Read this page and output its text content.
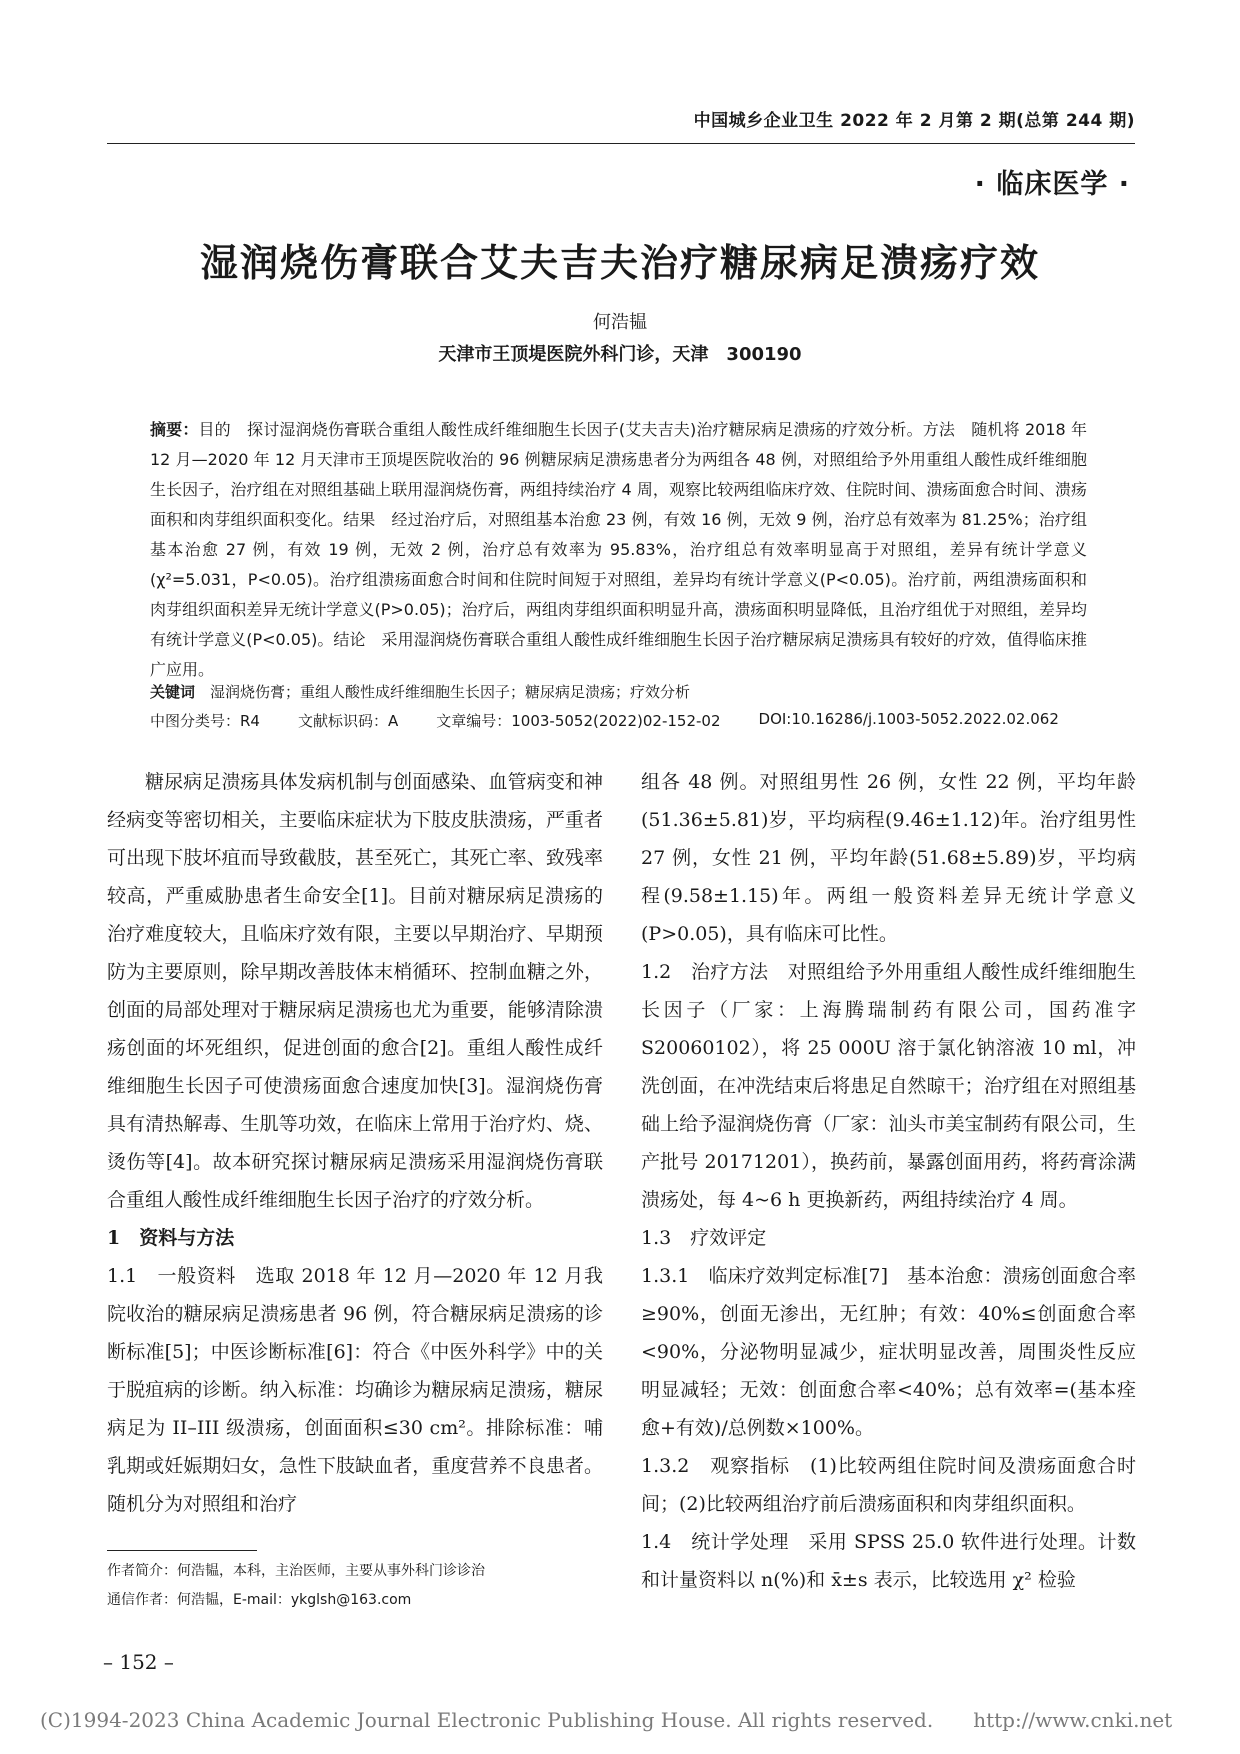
中国城乡企业卫生 2022 年 2 月第 2 期(总第 244 期)
· 临床医学 ·
湿润烧伤膏联合艾夫吉夫治疗糖尿病足溃疡疗效
何浩韫
天津市王顶堤医院外科门诊，天津　300190
摘要：目的　探讨湿润烧伤膏联合重组人酸性成纤维细胞生长因子(艾夫吉夫)治疗糖尿病足溃疡的疗效分析。方法　随机将 2018 年 12 月—2020 年 12 月天津市王顶堤医院收治的 96 例糖尿病足溃疡患者分为两组各 48 例，对照组给予外用重组人酸性成纤维细胞生长因子，治疗组在对照组基础上联用湿润烧伤膏，两组持续治疗 4 周，观察比较两组临床疗效、住院时间、溃疡面愈合时间、溃疡面积和肉芽组织面积变化。结果　经过治疗后，对照组基本治愈 23 例，有效 16 例，无效 9 例，治疗总有效率为 81.25%；治疗组基本治愈 27 例，有效 19 例，无效 2 例，治疗总有效率为 95.83%，治疗组总有效率明显高于对照组，差异有统计学意义(χ²=5.031，P<0.05)。治疗组溃疡面愈合时间和住院时间短于对照组，差异均有统计学意义(P<0.05)。治疗前，两组溃疡面积和肉芽组织面积差异无统计学意义(P>0.05)；治疗后，两组肉芽组织面积明显升高，溃疡面积明显降低，且治疗组优于对照组，差异均有统计学意义(P<0.05)。结论　采用湿润烧伤膏联合重组人酸性成纤维细胞生长因子治疗糖尿病足溃疡具有较好的疗效，值得临床推广应用。
关键词　 湿润烧伤膏；重组人酸性成纤维细胞生长因子；糖尿病足溃疡；疗效分析
中图分类号：R4	文献标识码：A	文章编号：1003-5052(2022)02-152-02	DOI:10.16286/j.1003-5052.2022.02.062

糖尿病足溃疡具体发病机制与创面感染、血管病变和神经病变等密切相关，主要临床症状为下肢皮肤溃疡，严重者可出现下肢坏疽而导致截肢，甚至死亡，其死亡率、致残率较高，严重威胁患者生命安全[1]。目前对糖尿病足溃疡的治疗难度较大，且临床疗效有限，主要以早期治疗、早期预防为主要原则，除早期改善肢体末梢循环、控制血糖之外，创面的局部处理对于糖尿病足溃疡也尤为重要，能够清除溃疡创面的坏死组织，促进创面的愈合[2]。重组人酸性成纤维细胞生长因子可使溃疡面愈合速度加快[3]。湿润烧伤膏具有清热解毒、生肌等功效，在临床上常用于治疗灼、烧、烫伤等[4]。故本研究探讨糖尿病足溃疡采用湿润烧伤膏联合重组人酸性成纤维细胞生长因子治疗的疗效分析。

1　资料与方法

1.1　一般资料　选取 2018 年 12 月—2020 年 12 月我院收治的糖尿病足溃疡患者 96 例，符合糖尿病足溃疡的诊断标准[5]；中医诊断标准[6]：符合《中医外科学》中的关于脱疽病的诊断。纳入标准：均确诊为糖尿病足溃疡，糖尿病足为 II–III 级溃疡，创面面积≤30 cm²。排除标准：哺乳期或妊娠期妇女，急性下肢缺血者，重度营养不良患者。随机分为对照组和治疗

组各 48 例。对照组男性 26 例，女性 22 例，平均年龄(51.36±5.81)岁，平均病程(9.46±1.12)年。治疗组男性 27 例，女性 21 例，平均年龄(51.68±5.89)岁，平均病程(9.58±1.15)年。两组一般资料差异无统计学意义(P>0.05)，具有临床可比性。

1.2　治疗方法　对照组给予外用重组人酸性成纤维细胞生长因子（厂家：上海腾瑞制药有限公司，国药准字 S20060102），将 25 000U 溶于氯化钠溶液 10 ml，冲洗创面，在冲洗结束后将患足自然晾干；治疗组在对照组基础上给予湿润烧伤膏（厂家：汕头市美宝制药有限公司，生产批号 20171201），换药前，暴露创面用药，将药膏涂满溃疡处，每 4~6 h 更换新药，两组持续治疗 4 周。

1.3　疗效评定

1.3.1　临床疗效判定标准[7]　基本治愈：溃疡创面愈合率≥90%，创面无渗出，无红肿；有效：40%≤创面愈合率<90%，分泌物明显减少，症状明显改善，周围炎性反应明显减轻；无效：创面愈合率<40%；总有效率=(基本痊愈+有效)/总例数×100%。

1.3.2　观察指标　(1)比较两组住院时间及溃疡面愈合时间；(2)比较两组治疗前后溃疡面积和肉芽组织面积。

1.4　统计学处理　采用 SPSS 25.0 软件进行处理。计数和计量资料以 n(%)和 x̄±s 表示，比较选用 χ² 检验

作者简介：何浩韫，本科，主治医师，主要从事外科门诊诊治
通信作者：何浩韫，E-mail：ykglsh@163.com
– 152 –
(C)1994-2023 China Academic Journal Electronic Publishing House. All rights reserved.　　http://www.cnki.net
